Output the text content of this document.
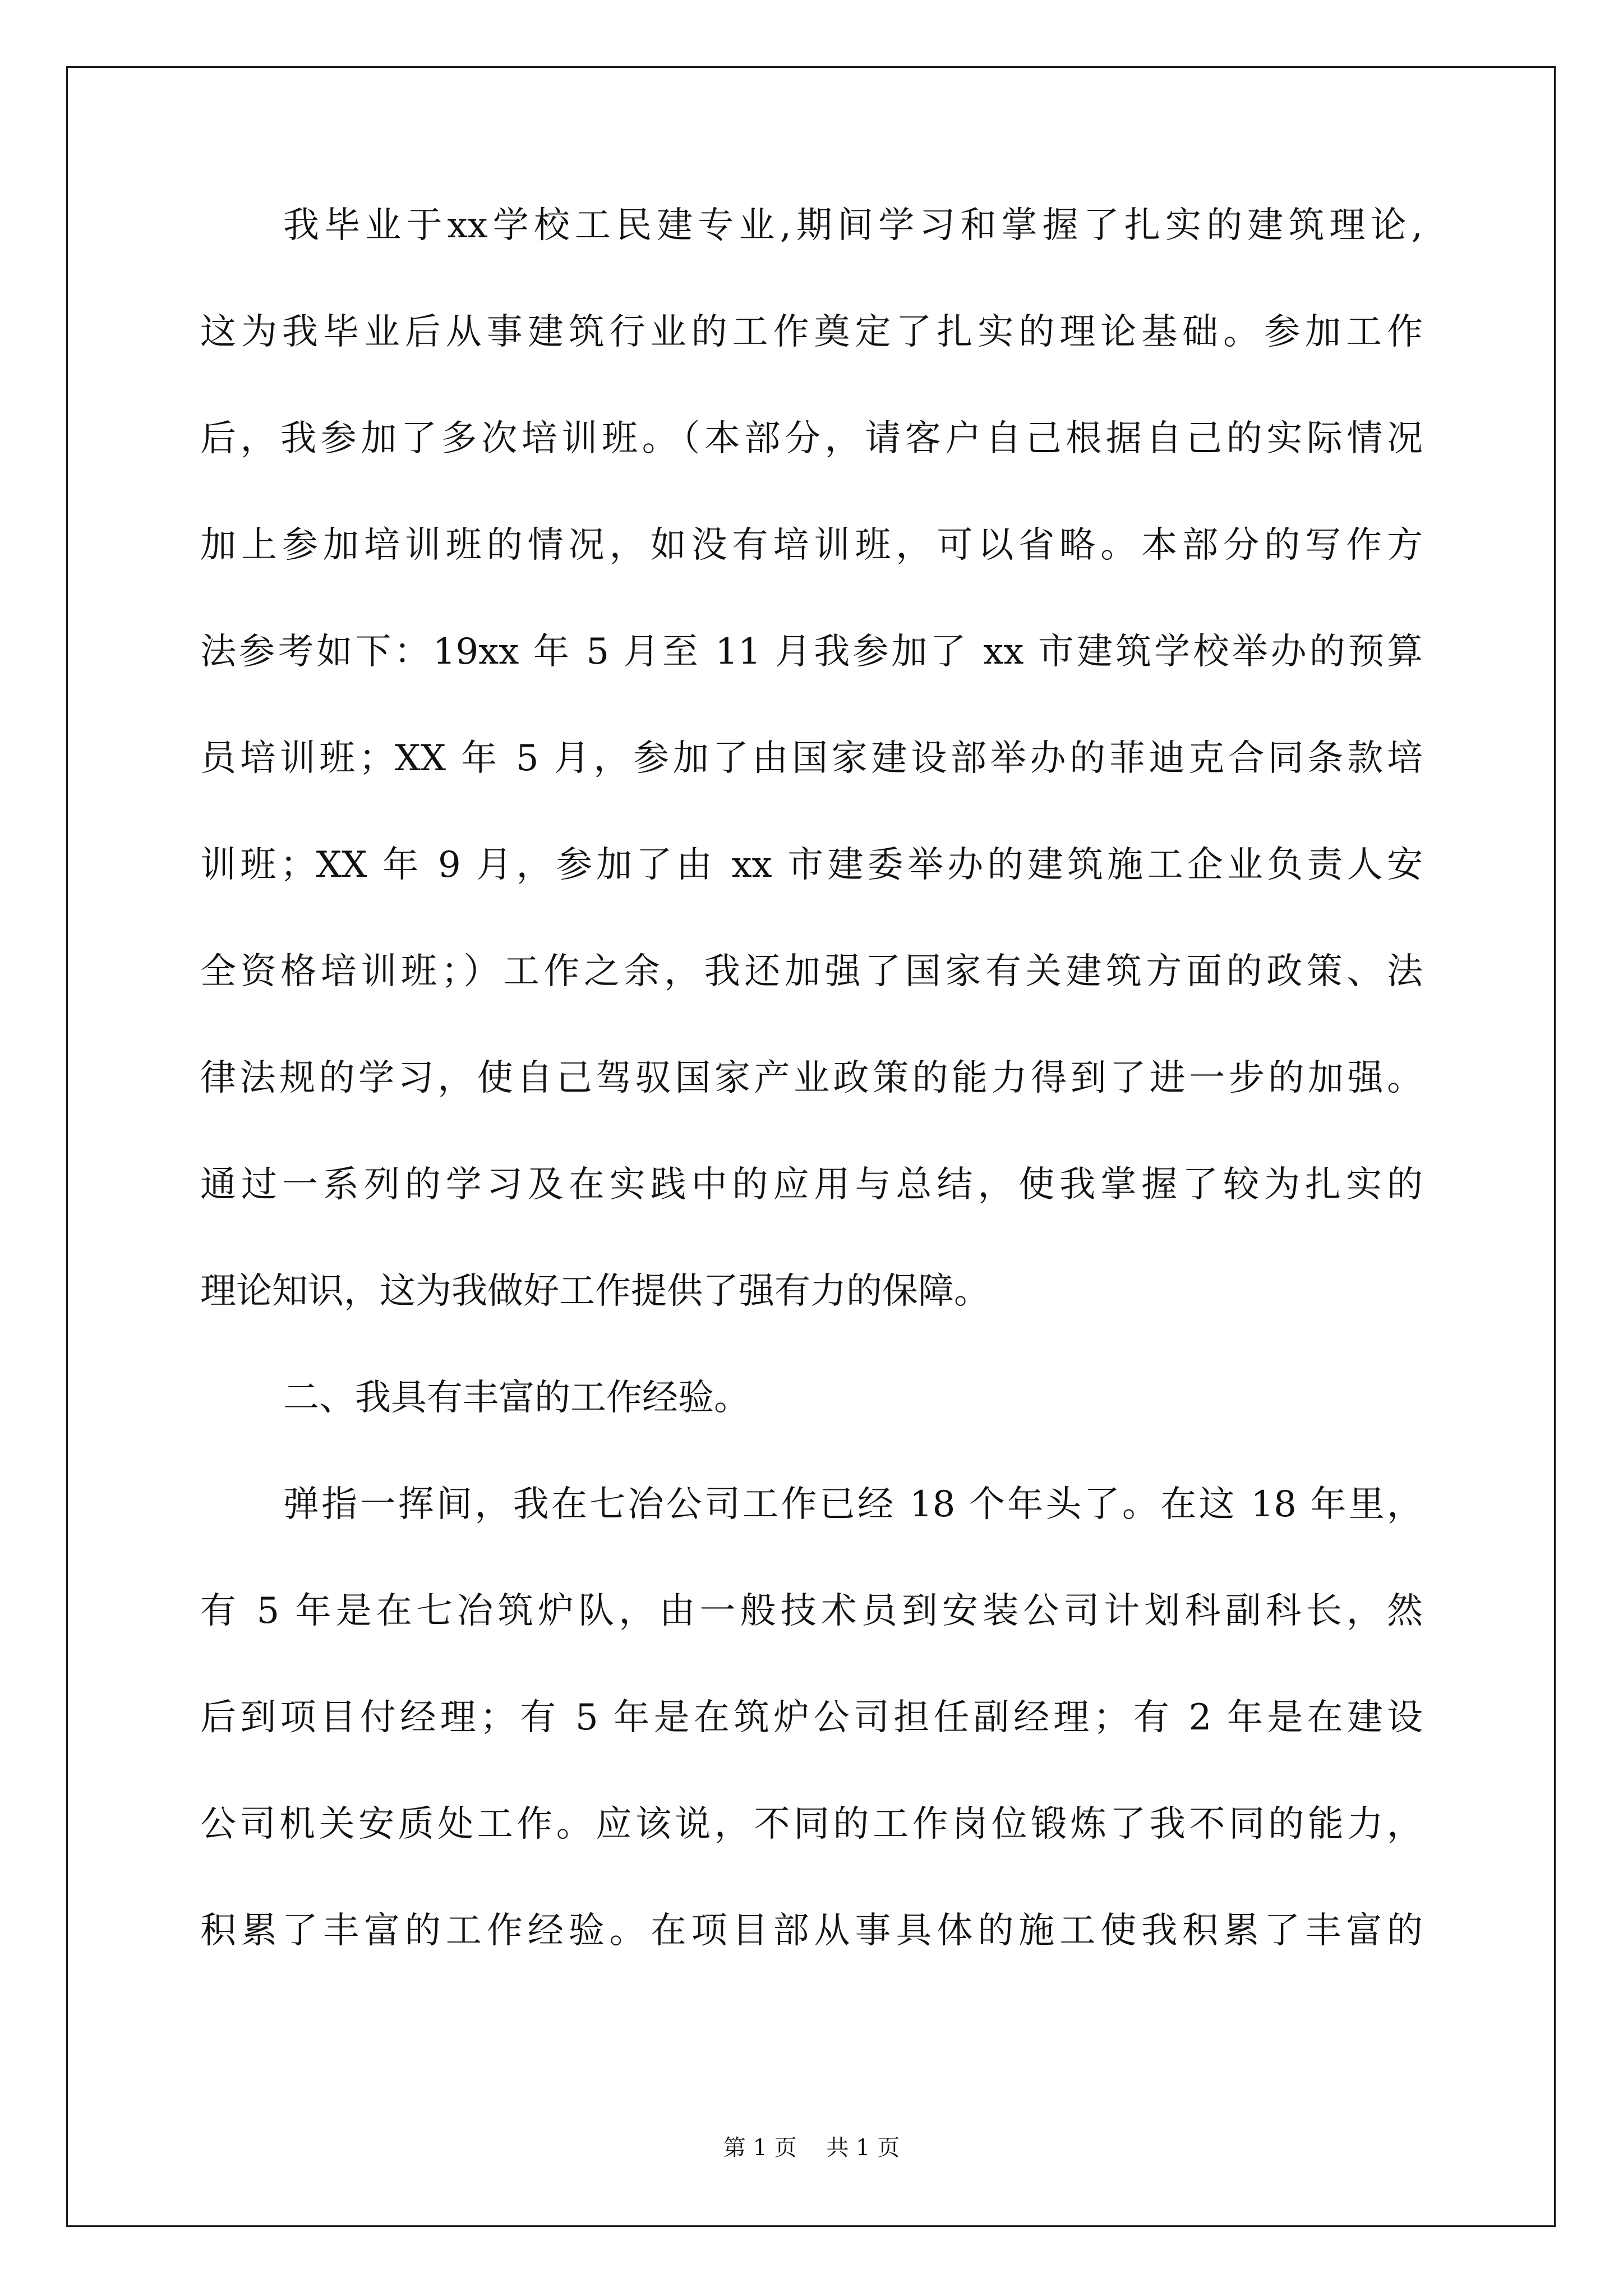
我毕业于xx学校工民建专业,期间学习和掌握了扎实的建筑理论,
这为我毕业后从事建筑行业的工作奠定了扎实的理论基础。参加工作
后，我参加了多次培训班。（本部分，请客户自己根据自己的实际情况
加上参加培训班的情况，如没有培训班，可以省略。本部分的写作方
法参考如下：19xx 年 5 月至 11 月我参加了 xx 市建筑学校举办的预算
员培训班；XX 年 5 月，参加了由国家建设部举办的菲迪克合同条款培
训班；XX 年 9 月，参加了由 xx 市建委举办的建筑施工企业负责人安
全资格培训班；）工作之余，我还加强了国家有关建筑方面的政策、法
律法规的学习，使自己驾驭国家产业政策的能力得到了进一步的加强。
通过一系列的学习及在实践中的应用与总结，使我掌握了较为扎实的
理论知识，这为我做好工作提供了强有力的保障。
二、我具有丰富的工作经验。
弹指一挥间，我在七冶公司工作已经 18 个年头了。在这 18 年里，
有 5 年是在七冶筑炉队，由一般技术员到安装公司计划科副科长，然
后到项目付经理；有 5 年是在筑炉公司担任副经理；有 2 年是在建设
公司机关安质处工作。应该说，不同的工作岗位锻炼了我不同的能力，
积累了丰富的工作经验。在项目部从事具体的施工使我积累了丰富的
第 1 页　 共 1 页
